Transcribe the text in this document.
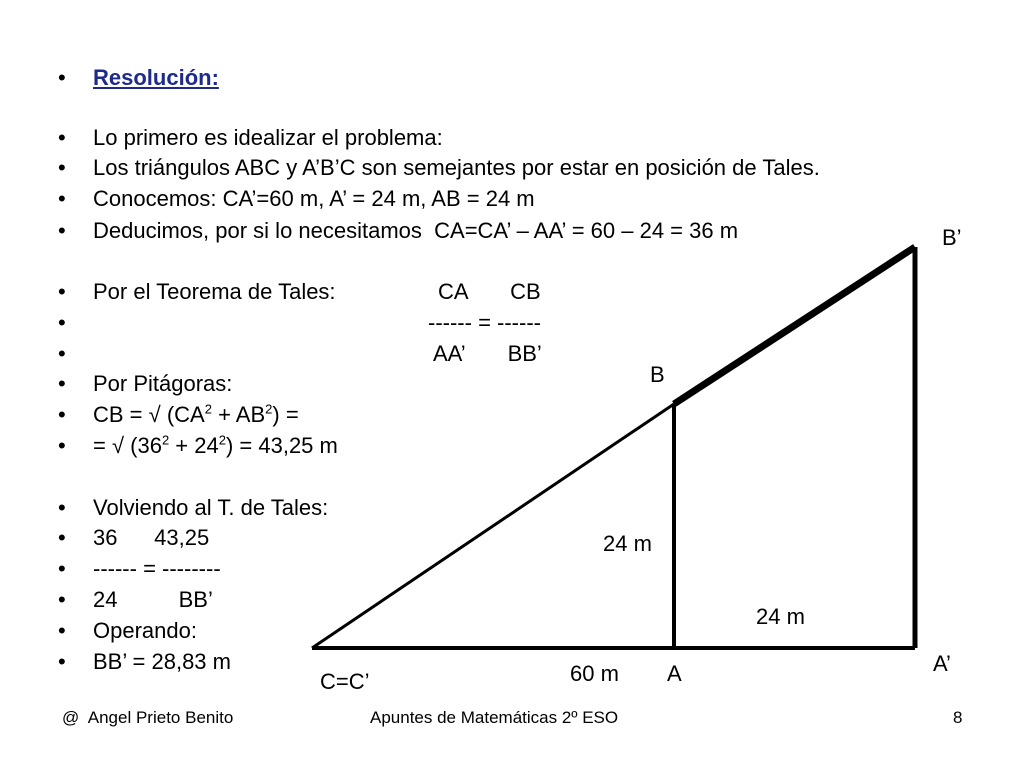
•

	Resolución:

•

	Lo primero es idealizar el problema:

•

	Los triángulos ABC y A’B’C son semejantes por estar en posición de Tales.

•

	Conocemos: CA’=60 m, A’ = 24 m, AB = 24 m

•

	Deducimos, por si lo necesitamos  CA=CA’ – AA’ = 60 – 24 = 36 m

•

	Por el Teorema de Tales:

	CA       CB

•

	------ = ------

•

	AA’       BB’

•

	Por Pitágoras:

•

	CB = √ $(CA^2 + AB^2)$ =

•

	= √ $(36^2 + 24^2) = 43,25$ m

•

	Volviendo al T. de Tales:

•

	36      43,25

•

	------ = --------

•

	24          BB’

•

	Operando:

•

	BB’ = 28,83 m

B’
B
24 m
24 m
A’
60 m A
C=C’
@  Angel Prieto Benito	Apuntes de Matemáticas 2º ESO	8
